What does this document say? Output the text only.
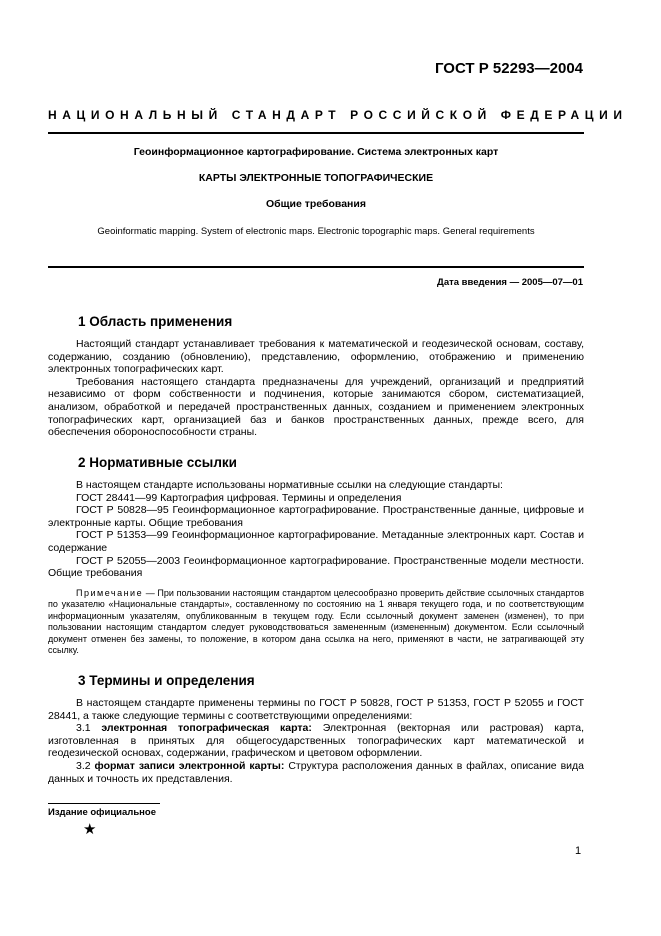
ГОСТ Р 52293—2004
НАЦИОНАЛЬНЫЙ СТАНДАРТ РОССИЙСКОЙ ФЕДЕРАЦИИ
Геоинформационное картографирование. Система электронных карт
КАРТЫ ЭЛЕКТРОННЫЕ ТОПОГРАФИЧЕСКИЕ
Общие требования
Geoinformatic mapping. System of electronic maps. Electronic topographic maps. General requirements
Дата введения — 2005—07—01
1 Область применения

Настоящий стандарт устанавливает требования к математической и геодезической основам, составу, содержанию, созданию (обновлению), представлению, оформлению, отображению и применению электронных топографических карт.

Требования настоящего стандарта предназначены для учреждений, организаций и предприятий независимо от форм собственности и подчинения, которые занимаются сбором, систематизацией, анализом, обработкой и передачей пространственных данных, созданием и применением электронных топографических карт, организацией баз и банков пространственных данных, прежде всего, для обеспечения обороноспособности страны.

2 Нормативные ссылки

В настоящем стандарте использованы нормативные ссылки на следующие стандарты:

ГОСТ 28441—99 Картография цифровая. Термины и определения

ГОСТ Р 50828—95 Геоинформационное картографирование. Пространственные данные, цифровые и электронные карты. Общие требования

ГОСТ Р 51353—99 Геоинформационное картографирование. Метаданные электронных карт. Состав и содержание

ГОСТ Р 52055—2003 Геоинформационное картографирование. Пространственные модели местности. Общие требования

Примечание — При пользовании настоящим стандартом целесообразно проверить действие ссылочных стандартов по указателю «Национальные стандарты», составленному по состоянию на 1 января текущего года, и по соответствующим информационным указателям, опубликованным в текущем году. Если ссылочный документ заменен (изменен), то при пользовании настоящим стандартом следует руководствоваться замененным (измененным) документом. Если ссылочный документ отменен без замены, то положение, в котором дана ссылка на него, применяют в части, не затрагивающей эту ссылку.

3 Термины и определения

В настоящем стандарте применены термины по ГОСТ Р 50828, ГОСТ Р 51353, ГОСТ Р 52055 и ГОСТ 28441, а также следующие термины с соответствующими определениями:

3.1 электронная топографическая карта: Электронная (векторная или растровая) карта, изготовленная в принятых для общегосударственных топографических карт математической и геодезической основах, содержании, графическом и цветовом оформлении.

3.2 формат записи электронной карты: Структура расположения данных в файлах, описание вида данных и точность их представления.

Издание официальное
★
1
